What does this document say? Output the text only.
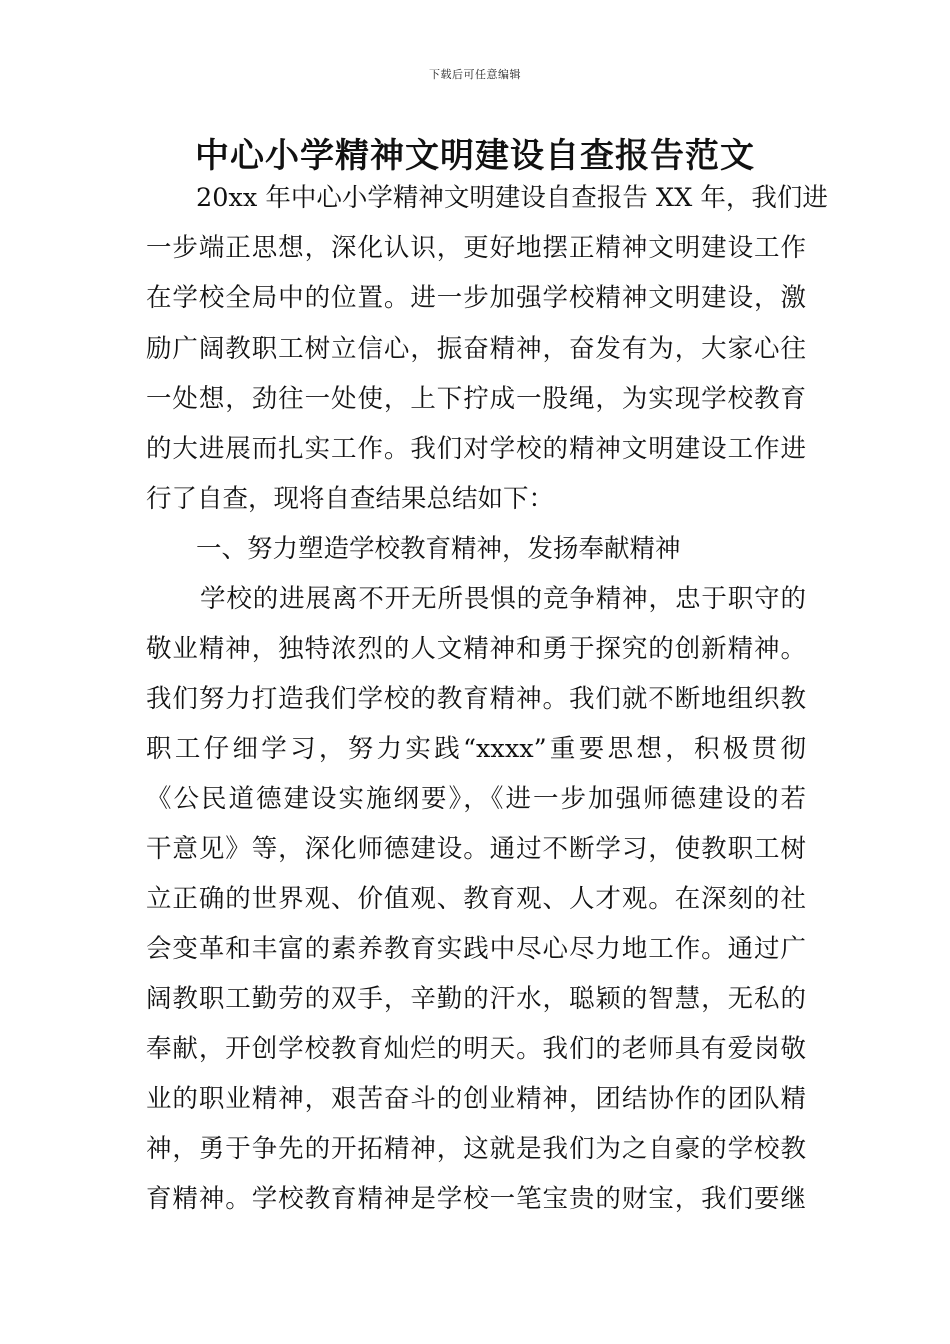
下载后可任意编辑
中心小学精神文明建设自查报告范文
20xx 年中心小学精神文明建设自查报告 XX 年，我们进
一步端正思想，深化认识，更好地摆正精神文明建设工作
在学校全局中的位置。进一步加强学校精神文明建设，激
励广阔教职工树立信心，振奋精神，奋发有为，大家心往
一处想，劲往一处使，上下拧成一股绳，为实现学校教育
的大进展而扎实工作。我们对学校的精神文明建设工作进
行了自查，现将自查结果总结如下：
一、努力塑造学校教育精神，发扬奉献精神
学校的进展离不开无所畏惧的竞争精神，忠于职守的
敬业精神，独特浓烈的人文精神和勇于探究的创新精神。
我们努力打造我们学校的教育精神。我们就不断地组织教
职工仔细学习，努力实践“xxxx”重要思想，积极贯彻
《公民道德建设实施纲要》，《进一步加强师德建设的若
干意见》等，深化师德建设。通过不断学习，使教职工树
立正确的世界观、价值观、教育观、人才观。在深刻的社
会变革和丰富的素养教育实践中尽心尽力地工作。通过广
阔教职工勤劳的双手，辛勤的汗水，聪颖的智慧，无私的
奉献，开创学校教育灿烂的明天。我们的老师具有爱岗敬
业的职业精神，艰苦奋斗的创业精神，团结协作的团队精
神，勇于争先的开拓精神，这就是我们为之自豪的学校教
育精神。学校教育精神是学校一笔宝贵的财宝，我们要继
